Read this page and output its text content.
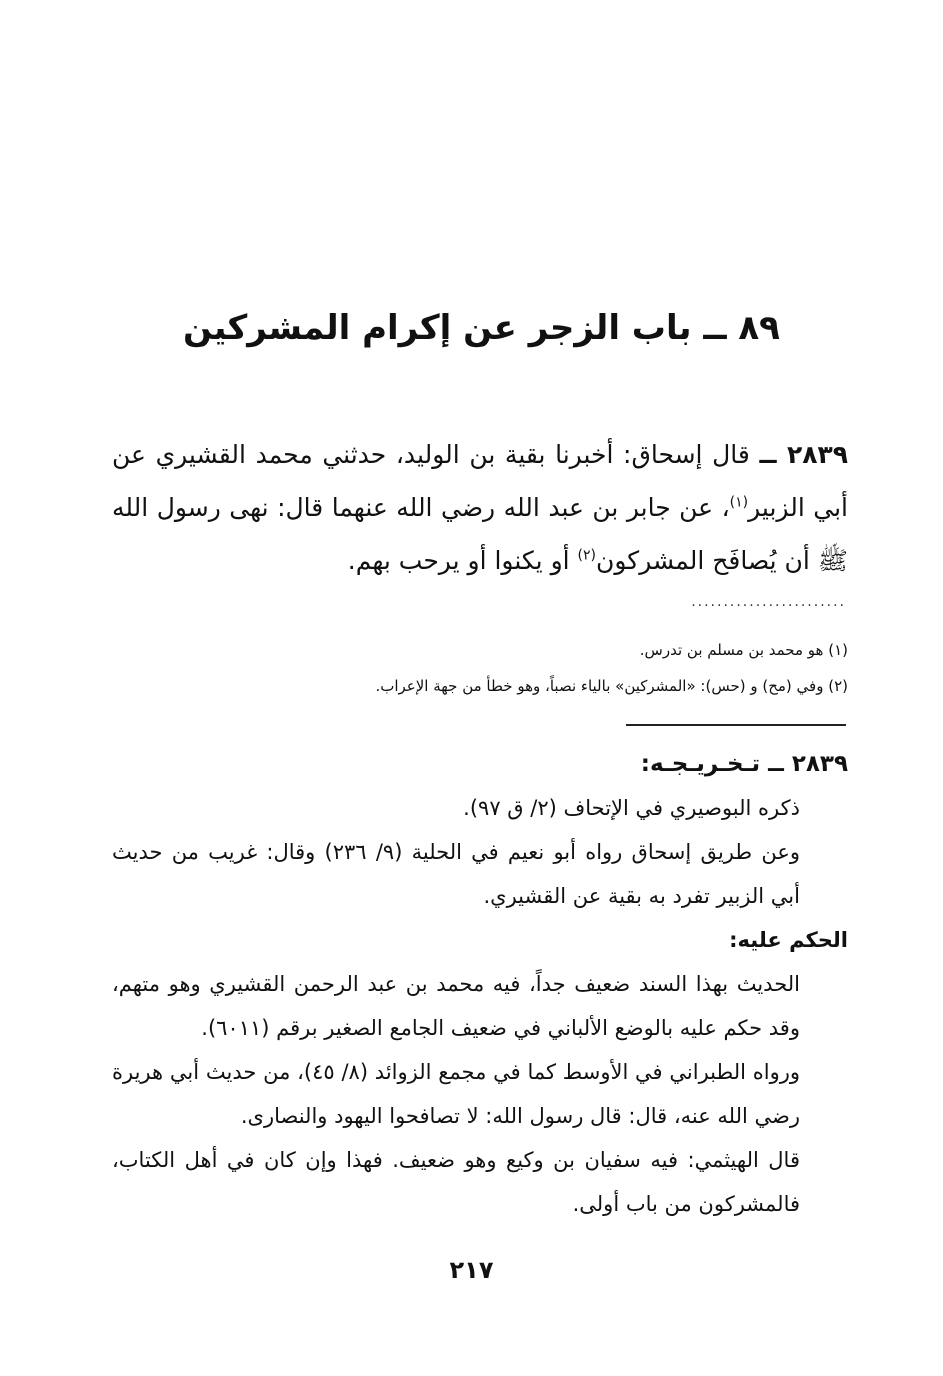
٨٩ ــ باب الزجر عن إكرام المشركين

٢٨٣٩ ــ قال إسحاق: أخبرنا بقية بن الوليد، حدثني محمد القشيري عن أبي الزبير$^{(١)}$، عن جابر بن عبد الله رضي الله عنهما قال: نهى رسول الله ﷺ أن يُصافَح المشركون$^{(٢)}$ أو يكنوا أو يرحب بهم.

........................

(١) هو محمد بن مسلم بن تدرس.

(٢) وفي (مح) و (حس): «المشركين» بالياء نصباً، وهو خطأ من جهة الإعراب.

٢٨٣٩ ــ تـخـريـجـه:

ذكره البوصيري في الإتحاف (٢/ ق ٩٧).

وعن طريق إسحاق رواه أبو نعيم في الحلية (٩/ ٢٣٦) وقال: غريب من حديث أبي الزبير تفرد به بقية عن القشيري.

الحكم عليه:

الحديث بهذا السند ضعيف جداً، فيه محمد بن عبد الرحمن القشيري وهو متهم، وقد حكم عليه بالوضع الألباني في ضعيف الجامع الصغير برقم (٦٠١١).

ورواه الطبراني في الأوسط كما في مجمع الزوائد (٨/ ٤٥)، من حديث أبي هريرة رضي الله عنه، قال: قال رسول الله: لا تصافحوا اليهود والنصارى.

قال الهيثمي: فيه سفيان بن وكيع وهو ضعيف. فهذا وإن كان في أهل الكتاب، فالمشركون من باب أولى.

٢١٧
